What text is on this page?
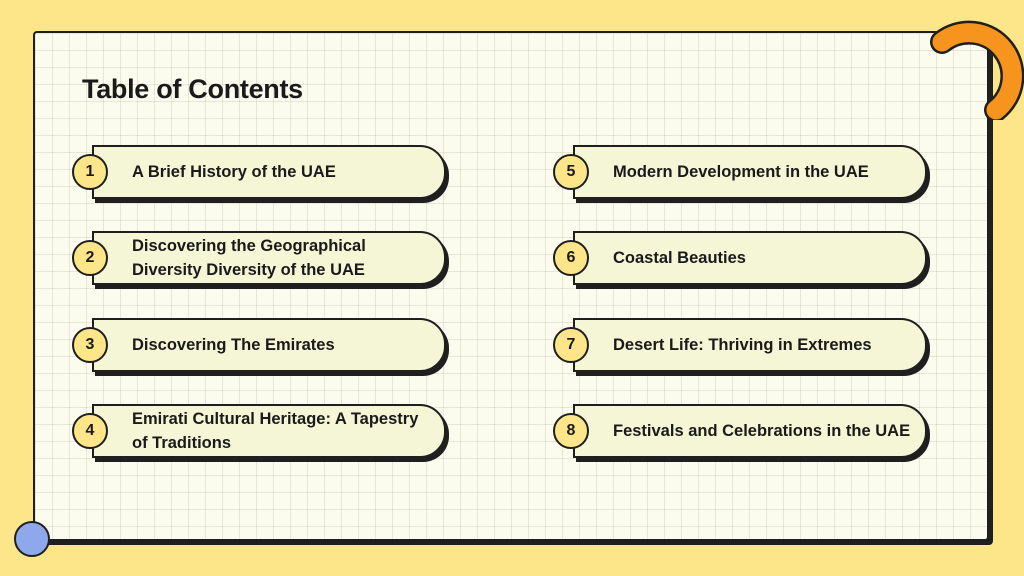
Table of Contents
A Brief History of the UAE
1
Discovering the Geographical Diversity Diversity of the UAE
2
Discovering The Emirates
3
Emirati Cultural Heritage: A Tapestry of Traditions
4
Modern Development in the UAE
5
Coastal Beauties
6
Desert Life: Thriving in Extremes
7
Festivals and Celebrations in the UAE
8
